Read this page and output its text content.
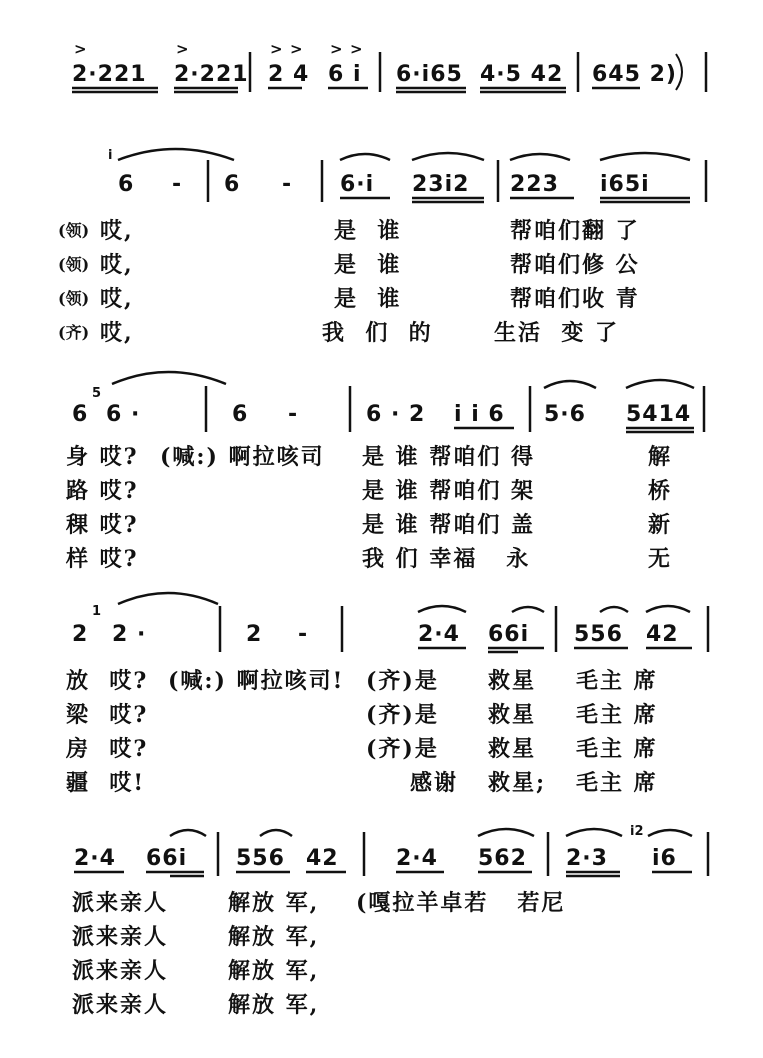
2·221 2·221 2 4 6 i 6·i65 4·5 42 645 2)
>	>	> > > >
i
6 - 6 - 6·i 23i2 223 i65i
(领) 哎,	是  谁	帮咱们翻 了
(领) 哎,	是  谁	帮咱们修 公
(领) 哎,	是  谁	帮咱们收 青
(齐) 哎,	我  们  的	生活  变 了
5
6 6 ·	6 -	6 · 2 i i 6 5·6 5414
身 哎? (喊:) 啊拉咳司 是 谁 帮咱们 得	解
路 哎?	是 谁 帮咱们 架	桥
稞 哎?	是 谁 帮咱们 盖	新
样 哎?	我 们 幸福   永	无
1
2 2 ·	2 -	2·4 66i 556 42
放  哎? (喊:) 啊拉咳司! (齐)是 救星 毛主 席
梁  哎?	(齐)是 救星 毛主 席
房  哎?	(齐)是 救星 毛主 席
疆  哎!	感谢 救星; 毛主 席
i2
2·4 66i 556 42	2·4 562 2·3 i6
派来亲人	解放 军, (嘎拉羊卓若   若尼
派来亲人	解放 军,
派来亲人	解放 军,
派来亲人	解放 军,
